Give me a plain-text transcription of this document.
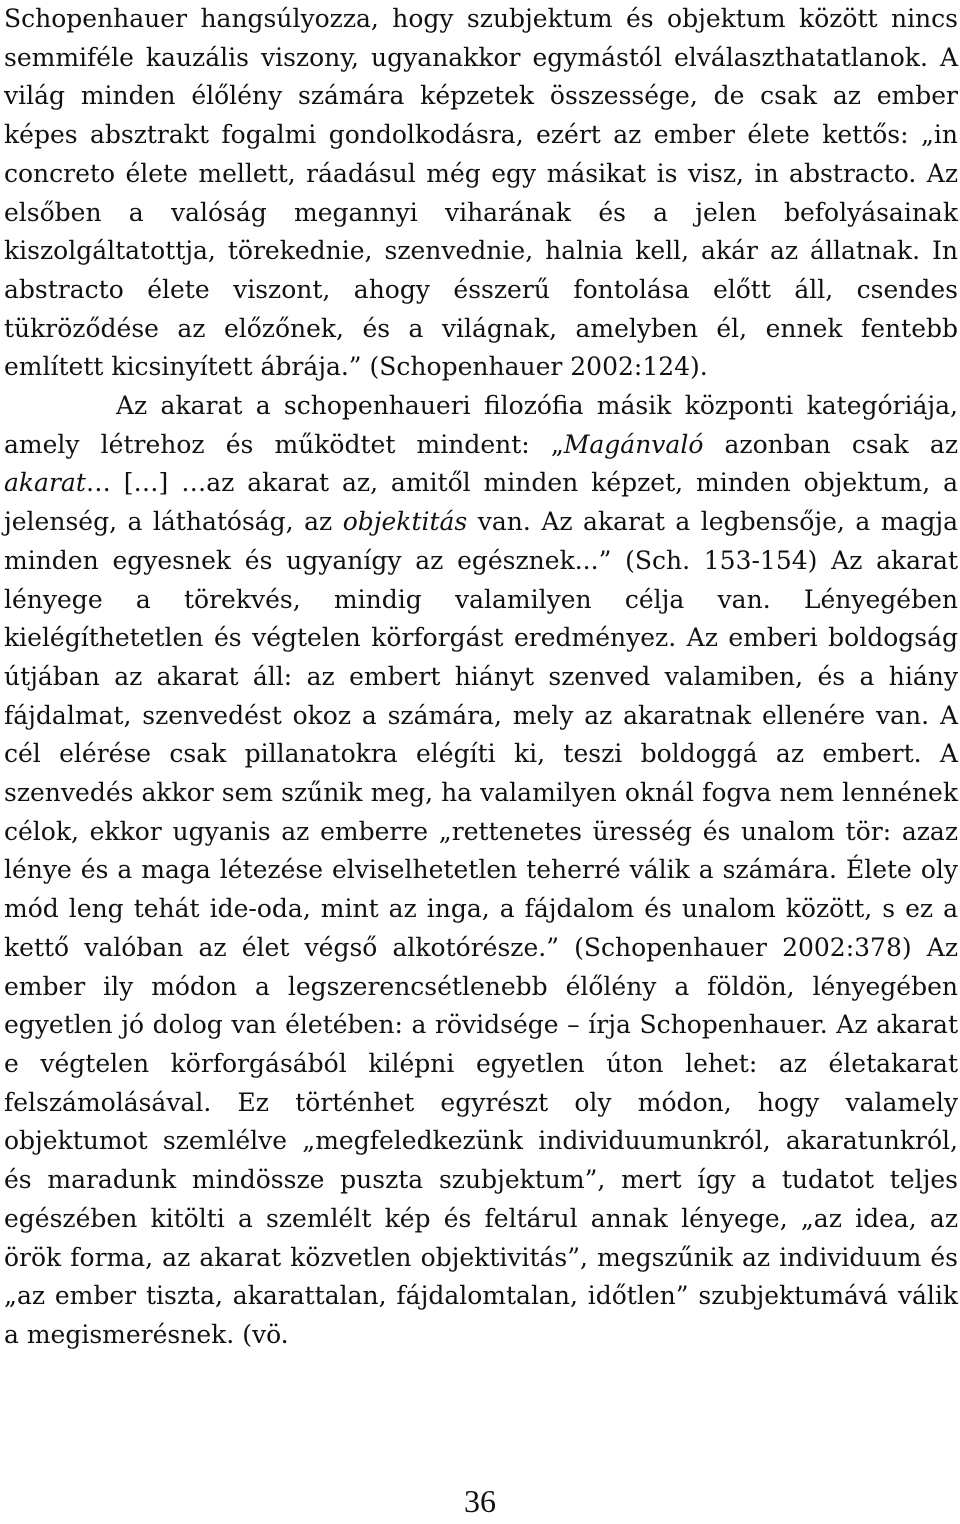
Schopenhauer hangsúlyozza, hogy szubjektum és objektum között nincs semmiféle kauzális viszony, ugyanakkor egymástól elválaszthatatlanok. A világ minden élőlény számára képzetek összessége, de csak az ember képes absztrakt fogalmi gondolkodásra, ezért az ember élete kettős: „in concreto élete mellett, ráadásul még egy másikat is visz, in abstracto. Az elsőben a valóság megannyi viharának és a jelen befolyásainak kiszolgáltatottja, törekednie, szenvednie, halnia kell, akár az állatnak. In abstracto élete viszont, ahogy ésszerű fontolása előtt áll, csendes tükröződése az előzőnek, és a világnak, amelyben él, ennek fentebb említett kicsinyített ábrája.” (Schopenhauer 2002:124).

Az akarat a schopenhaueri filozófia másik központi kategóriája, amely létrehoz és működtet mindent: „Magánvaló azonban csak az akarat… […] …az akarat az, amitől minden képzet, minden objektum, a jelenség, a láthatóság, az objektitás van. Az akarat a legbensője, a magja minden egyesnek és ugyanígy az egésznek...” (Sch. 153-154) Az akarat lényege a törekvés, mindig valamilyen célja van. Lényegében kielégíthetetlen és végtelen körforgást eredményez. Az emberi boldogság útjában az akarat áll: az embert hiányt szenved valamiben, és a hiány fájdalmat, szenvedést okoz a számára, mely az akaratnak ellenére van. A cél elérése csak pillanatokra elégíti ki, teszi boldoggá az embert. A szenvedés akkor sem szűnik meg, ha valamilyen oknál fogva nem lennének célok, ekkor ugyanis az emberre „rettenetes üresség és unalom tör: azaz lénye és a maga létezése elviselhetetlen teherré válik a számára. Élete oly mód leng tehát ide-oda, mint az inga, a fájdalom és unalom között, s ez a kettő valóban az élet végső alkotórésze.” (Schopenhauer 2002:378) Az ember ily módon a legszerencsétlenebb élőlény a földön, lényegében egyetlen jó dolog van életében: a rövidsége – írja Schopenhauer. Az akarat e végtelen körforgásából kilépni egyetlen úton lehet: az életakarat felszámolásával. Ez történhet egyrészt oly módon, hogy valamely objektumot szemlélve „megfeledkezünk individuumunkról, akaratunkról, és maradunk mindössze puszta szubjektum”, mert így a tudatot teljes egészében kitölti a szemlélt kép és feltárul annak lényege, „az idea, az örök forma, az akarat közvetlen objektivitás”, megszűnik az individuum és „az ember tiszta, akarattalan, fájdalomtalan, időtlen” szubjektumává válik a megismerésnek. (vö.

36
